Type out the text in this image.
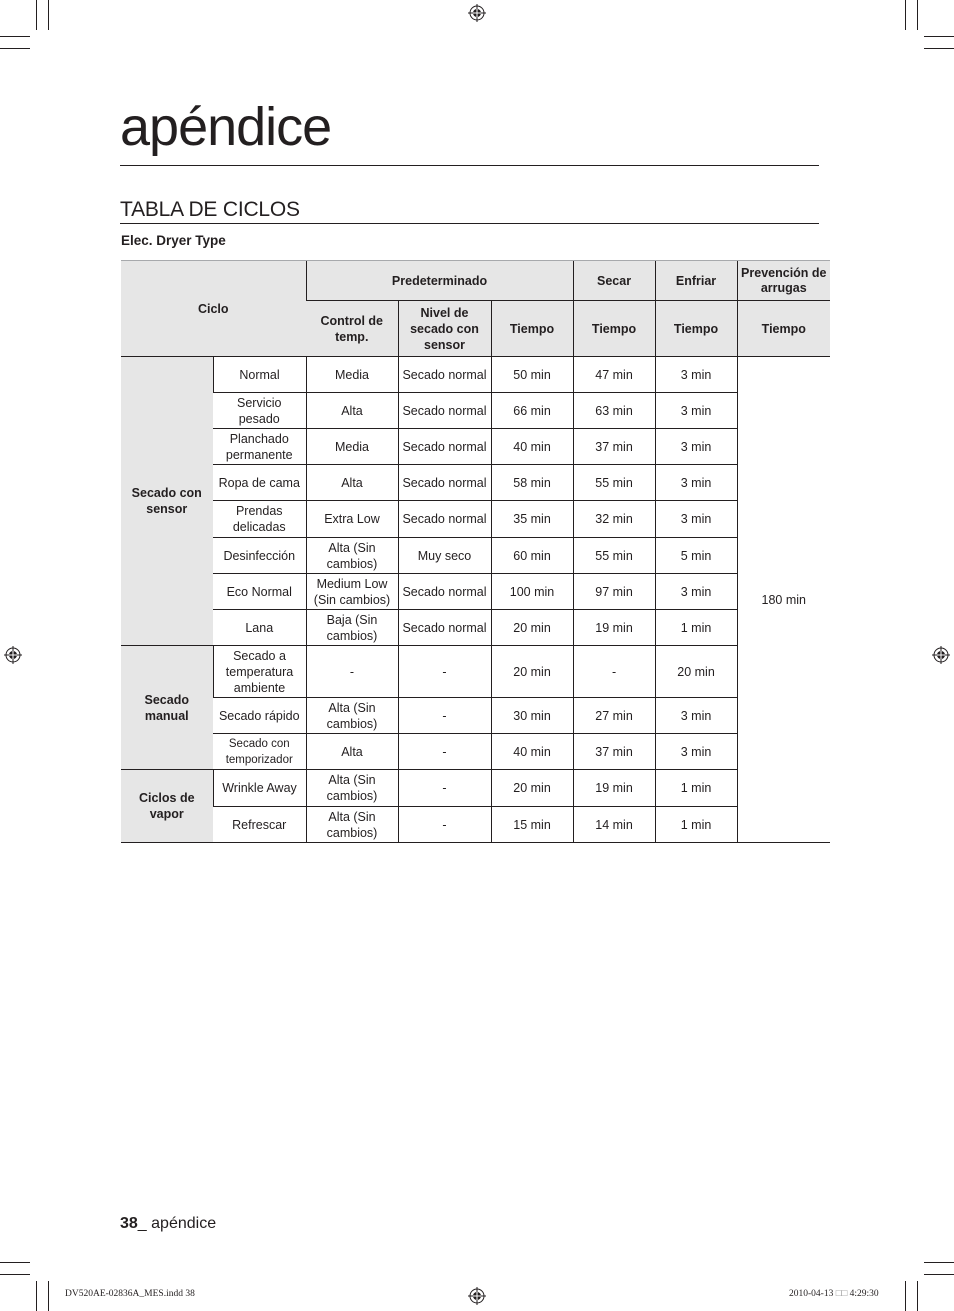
apéndice
TABLA DE CICLOS
Elec. Dryer Type
Ciclo		Predeterminado			Secar	Enfriar	Prevención de arrugas
		Control de temp.	Nivel de secado con sensor	Tiempo	Tiempo	Tiempo	Tiempo
Secado con sensor	Normal	Media	Secado normal	50 min	47 min	3 min	180 min
	Servicio pesado	Alta	Secado normal	66 min	63 min	3 min	
	Planchado permanente	Media	Secado normal	40 min	37 min	3 min	
	Ropa de cama	Alta	Secado normal	58 min	55 min	3 min	
	Prendas delicadas	Extra Low	Secado normal	35 min	32 min	3 min	
	Desinfección	Alta (Sin cambios)	Muy seco	60 min	55 min	5 min	
	Eco Normal	Medium Low (Sin cambios)	Secado normal	100 min	97 min	3 min	
	Lana	Baja (Sin cambios)	Secado normal	20 min	19 min	1 min	
Secado manual	Secado a temperatura ambiente	-	-	20 min	-	20 min	
	Secado rápido	Alta (Sin cambios)	-	30 min	27 min	3 min	
	Secado con temporizador	Alta	-	40 min	37 min	3 min	
Ciclos de vapor	Wrinkle Away	Alta (Sin cambios)	-	20 min	19 min	1 min	
	Refrescar	Alta (Sin cambios)	-	15 min	14 min	1 min	
38_ apéndice
DV520AE-02836A_MES.indd 38	2010-04-13 □□ 4:29:30
